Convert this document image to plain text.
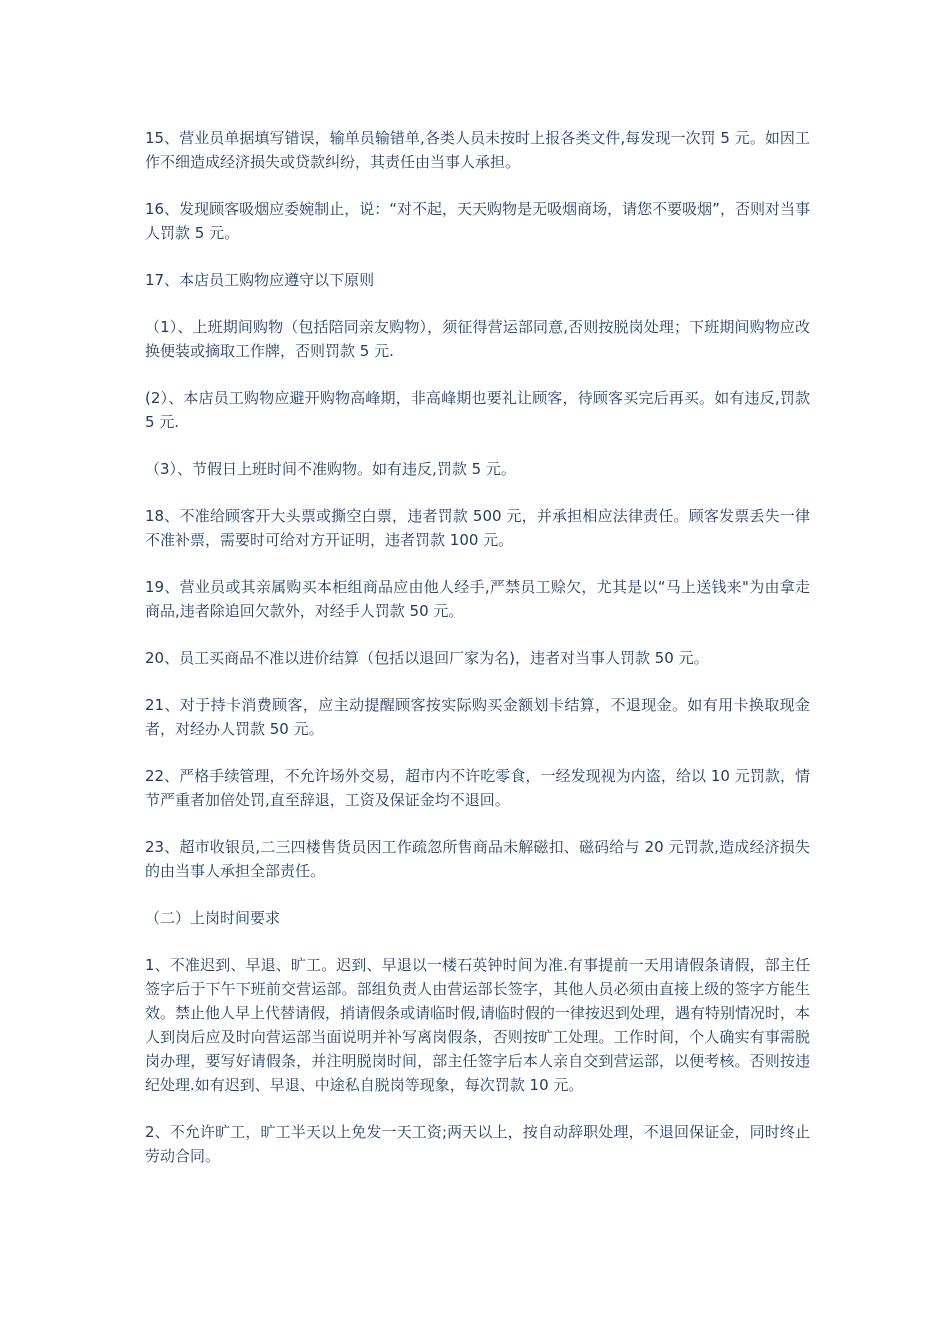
15、营业员单据填写错误，输单员输错单,各类人员未按时上报各类文件,每发现一次罚 5 元。如因工作不细造成经济损失或贷款纠纷，其责任由当事人承担。

16、发现顾客吸烟应委婉制止，说：“对不起，天天购物是无吸烟商场，请您不要吸烟”，否则对当事人罚款 5 元。

17、本店员工购物应遵守以下原则

（1）、上班期间购物（包括陪同亲友购物），须征得营运部同意,否则按脱岗处理；下班期间购物应改换便装或摘取工作牌，否则罚款 5 元.

(2）、本店员工购物应避开购物高峰期，非高峰期也要礼让顾客，待顾客买完后再买。如有违反,罚款 5 元.

（3）、节假日上班时间不准购物。如有违反,罚款 5 元。

18、不准给顾客开大头票或撕空白票，违者罚款 500 元，并承担相应法律责任。顾客发票丢失一律不准补票，需要时可给对方开证明，违者罚款 100 元。

19、营业员或其亲属购买本柜组商品应由他人经手,严禁员工赊欠，尤其是以“马上送钱来"为由拿走商品,违者除追回欠款外，对经手人罚款 50 元。

20、员工买商品不准以进价结算（包括以退回厂家为名)，违者对当事人罚款 50 元。

21、对于持卡消费顾客，应主动提醒顾客按实际购买金额划卡结算，不退现金。如有用卡换取现金者，对经办人罚款 50 元。

22、严格手续管理，不允许场外交易，超市内不许吃零食，一经发现视为内盗，给以 10 元罚款，情节严重者加倍处罚,直至辞退，工资及保证金均不退回。

23、超市收银员,二三四楼售货员因工作疏忽所售商品未解磁扣、磁码给与 20 元罚款,造成经济损失的由当事人承担全部责任。

（二）上岗时间要求

1、不准迟到、早退、旷工。迟到、早退以一楼石英钟时间为准.有事提前一天用请假条请假，部主任签字后于下午下班前交营运部。部组负责人由营运部长签字，其他人员必须由直接上级的签字方能生效。禁止他人早上代替请假，捎请假条或请临时假,请临时假的一律按迟到处理，遇有特别情况时，本人到岗后应及时向营运部当面说明并补写离岗假条，否则按旷工处理。工作时间，个人确实有事需脱岗办理，要写好请假条，并注明脱岗时间，部主任签字后本人亲自交到营运部，以便考核。否则按违纪处理.如有迟到、早退、中途私自脱岗等现象，每次罚款 10 元。

2、不允许旷工，旷工半天以上免发一天工资;两天以上，按自动辞职处理，不退回保证金，同时终止劳动合同。
